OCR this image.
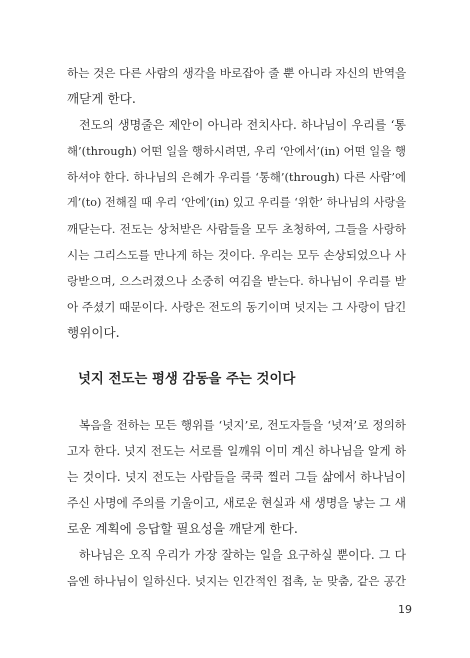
하는 것은 다른 사람의 생각을 바로잡아 줄 뿐 아니라 자신의 반역을
깨닫게 한다.
전도의 생명줄은 제안이 아니라 전치사다. 하나님이 우리를 ‘통
해’(through) 어떤 일을 행하시려면, 우리 ‘안에서’(in) 어떤 일을 행
하셔야 한다. 하나님의 은혜가 우리를 ‘통해’(through) 다른 사람’에
게’(to) 전해질 때 우리 ‘안에’(in) 있고 우리를 ‘위한’ 하나님의 사랑을
깨닫는다. 전도는 상처받은 사람들을 모두 초청하여, 그들을 사랑하
시는 그리스도를 만나게 하는 것이다. 우리는 모두 손상되었으나 사
랑받으며, 으스러졌으나 소중히 여김을 받는다. 하나님이 우리를 받
아 주셨기 때문이다. 사랑은 전도의 동기이며 넛지는 그 사랑이 담긴
행위이다.
넛지 전도는 평생 감동을 주는 것이다
복음을 전하는 모든 행위를 ‘넛지’로, 전도자들을 ‘넛져’로 정의하
고자 한다. 넛지 전도는 서로를 일깨워 이미 계신 하나님을 알게 하
는 것이다. 넛지 전도는 사람들을 쿡쿡 찔러 그들 삶에서 하나님이
주신 사명에 주의를 기울이고, 새로운 현실과 새 생명을 낳는 그 새
로운 계획에 응답할 필요성을 깨닫게 한다.
하나님은 오직 우리가 가장 잘하는 일을 요구하실 뿐이다. 그 다
음엔 하나님이 일하신다. 넛지는 인간적인 접촉, 눈 맞춤, 같은 공간
19
